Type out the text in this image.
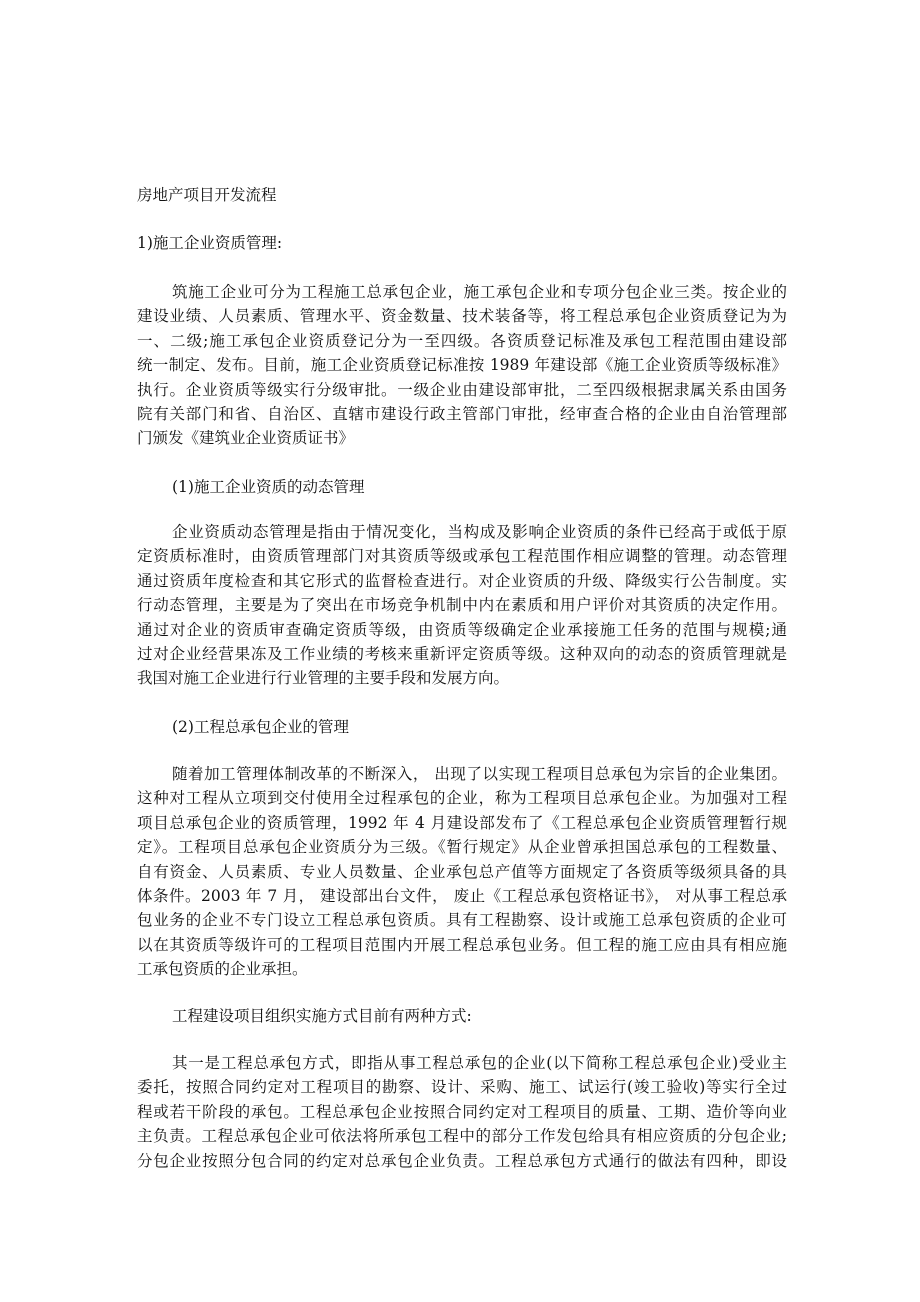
房地产项目开发流程
1)施工企业资质管理:
筑施工企业可分为工程施工总承包企业，施工承包企业和专项分包企业三类。按企业的
建设业绩、人员素质、管理水平、资金数量、技术装备等，将工程总承包企业资质登记为为
一、二级;施工承包企业资质登记分为一至四级。各资质登记标准及承包工程范围由建设部
统一制定、发布。目前，施工企业资质登记标准按 1989 年建设部《施工企业资质等级标准》
执行。企业资质等级实行分级审批。一级企业由建设部审批，二至四级根据隶属关系由国务
院有关部门和省、自治区、直辖市建设行政主管部门审批，经审查合格的企业由自治管理部
门颁发《建筑业企业资质证书》
(1)施工企业资质的动态管理
企业资质动态管理是指由于情况变化，当构成及影响企业资质的条件已经高于或低于原
定资质标准时，由资质管理部门对其资质等级或承包工程范围作相应调整的管理。动态管理
通过资质年度检查和其它形式的监督检查进行。对企业资质的升级、降级实行公告制度。实
行动态管理，主要是为了突出在市场竞争机制中内在素质和用户评价对其资质的决定作用。
通过对企业的资质审查确定资质等级，由资质等级确定企业承接施工任务的范围与规模;通
过对企业经营果冻及工作业绩的考核来重新评定资质等级。这种双向的动态的资质管理就是
我国对施工企业进行行业管理的主要手段和发展方向。
(2)工程总承包企业的管理
随着加工管理体制改革的不断深入， 出现了以实现工程项目总承包为宗旨的企业集团。
这种对工程从立项到交付使用全过程承包的企业，称为工程项目总承包企业。为加强对工程
项目总承包企业的资质管理，1992 年 4 月建设部发布了《工程总承包企业资质管理暂行规
定》。工程项目总承包企业资质分为三级。《暂行规定》从企业曾承担国总承包的工程数量、
自有资金、人员素质、专业人员数量、企业承包总产值等方面规定了各资质等级须具备的具
体条件。2003 年 7 月， 建设部出台文件， 废止《工程总承包资格证书》， 对从事工程总承
包业务的企业不专门设立工程总承包资质。具有工程勘察、设计或施工总承包资质的企业可
以在其资质等级许可的工程项目范围内开展工程总承包业务。但工程的施工应由具有相应施
工承包资质的企业承担。
工程建设项目组织实施方式目前有两种方式:
其一是工程总承包方式，即指从事工程总承包的企业(以下简称工程总承包企业)受业主
委托，按照合同约定对工程项目的勘察、设计、采购、施工、试运行(竣工验收)等实行全过
程或若干阶段的承包。工程总承包企业按照合同约定对工程项目的质量、工期、造价等向业
主负责。工程总承包企业可依法将所承包工程中的部分工作发包给具有相应资质的分包企业;
分包企业按照分包合同的约定对总承包企业负责。工程总承包方式通行的做法有四种，即设
